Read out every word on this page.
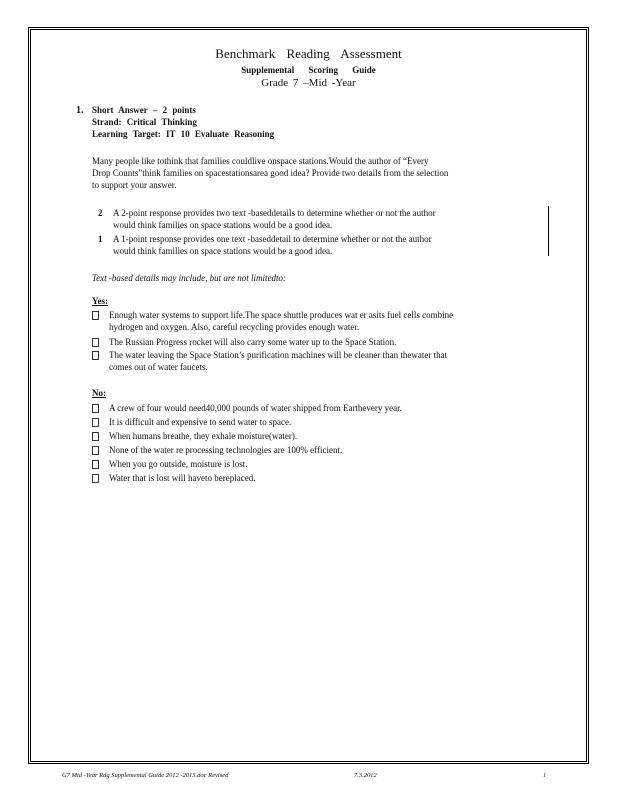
Benchmark Reading Assessment
Supplemental Scoring Guide
Grade 7 –Mid -Year
1. Short Answer – 2 points
Strand: Critical Thinking
Learning Target: IT 10 Evaluate Reasoning
Many people like tothink that families couldlive onspace stations.Would the author of “Every
Drop Counts”think families on spacestationsarea good idea? Provide two details from the selection
to support your answer.
2 A 2-point response provides two text -baseddetails to determine whether or not the author
would think families on space stations would be a good idea.
1 A 1-point response provides one text -baseddetail to determine whether or not the author
would think families on space stations would be a good idea.
Text -based details may include, but are not limitedto:
Yes:
Enough water systems to support life.The space shuttle produces wat er asits fuel cells combine
hydrogen and oxygen. Also, careful recycling provides enough water.
The Russian Progress rocket will also carry some water up to the Space Station.
The water leaving the Space Station’s purification machines will be cleaner than thewater that
comes out of water faucets.
No:
A crew of four would need40,000 pounds of water shipped from Earthevery year.
It is difficult and expensive to send water to space.
When humans breathe, they exhale moisture(water).
None of the water re processing technologies are 100% efficient.
When you go outside, moisture is lost.
Water that is lost will haveto bereplaced.
G7 Mid -Year Rdg Supplemental Guide 2012 -2013.doc Revised	7.3.2012	1
